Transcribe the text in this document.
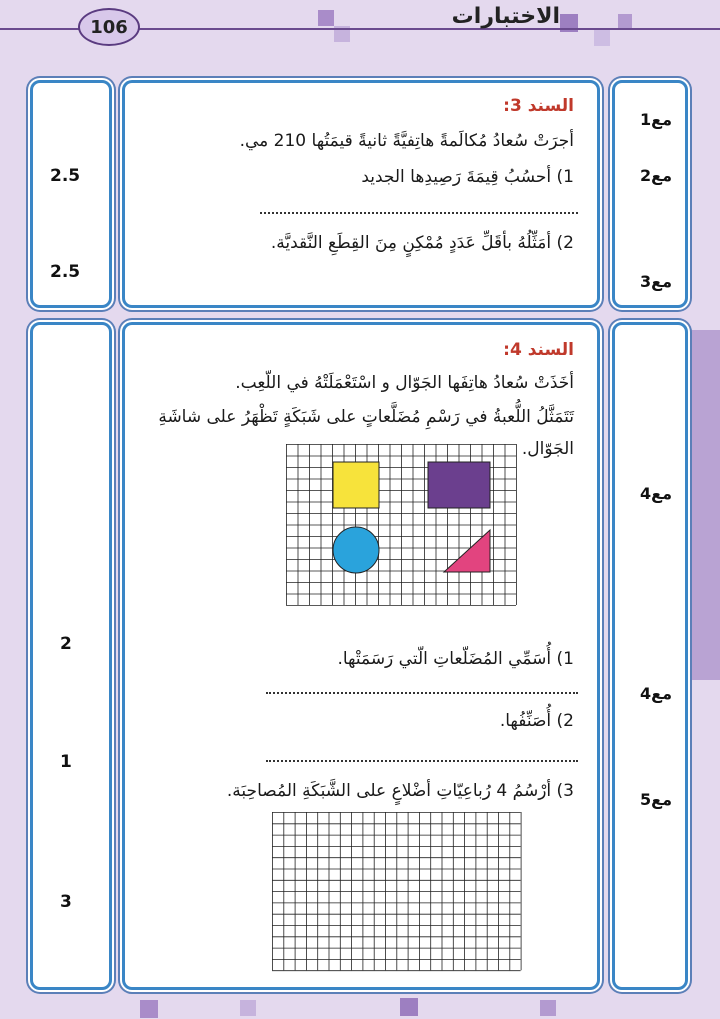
106	الاختبارات
مع1
مع2
مع3
2.5
2.5
السند 3:
أجرَتْ سُعادُ مُكالَمةً هاتِفيَّةً ثانيةً قيمَتُها 210 مي.
1) أحسُبُ قِيمَةَ رَصِيدِها الجديد
2) أمَثِّلُهُ بأقَلِّ عَدَدٍ مُمْكِنٍ مِنَ القِطَعِ النَّقديَّة.
مع4
مع4
مع5
2
1
3
السند 4:
أخَذَتْ سُعادُ هاتِفَها الجَوّال و اسْتَعْمَلَتْهُ في اللّعِب.
تَتَمَثَّلُ اللُّعبةُ في رَسْمِ مُضَلَّعاتٍ على شَبَكَةٍ تَظْهَرُ على شاشَةِ
الجَوّال.
1) أُسَمِّي المُضَلّعاتِ الّتي رَسَمَتْها.
2) أُصَنِّفُها.
3) أرْسُمُ 4 رُباعِيّاتِ أضْلاعٍ على الشَّبَكَةِ المُصاحِبَة.
